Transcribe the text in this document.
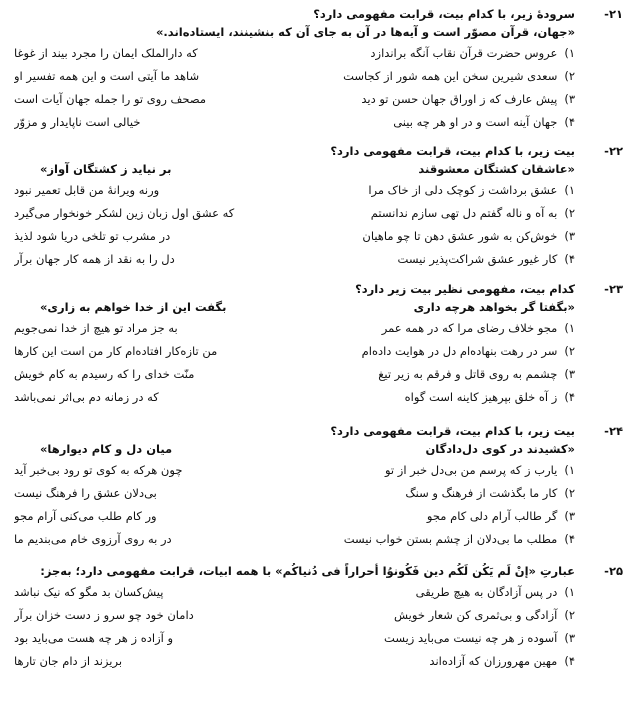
۲۱-
سرودهٔ زیر، با کدام بیت، قرابت مفهومی دارد؟
«جهان، قرآن مصوّر است و آیه‌ها در آن به جای آن که بنشینند، ایستاده‌اند.»
۱) عروس حضرت قرآن نقاب آنگه براندازد
که دارالملک ایمان را مجرد بیند از غوغا
۲) سعدی شیرین سخن این همه شور از کجاست
شاهد ما آیتی است و این همه تفسیر او
۳) پیش عارف که ز اوراق جهان حسن تو دید
مصحف روی تو را جمله جهان آیات است
۴) جهان آینه است و در او هر چه بینی
خیالی است ناپایدار و مزوّر
۲۲-
بیت زیر، با کدام بیت، قرابت مفهومی دارد؟
«عاشقان کشتگان معشوقند
بر نیاید ز کشتگان آواز»
۱) عشق برداشت ز کوچک دلی از خاک مرا
ورنه ویرانهٔ من قابل تعمیر نبود
۲) به آه و ناله گفتم دل تهی سازم ندانستم
که عشق اول زبان زین لشکر خونخوار می‌گیرد
۳) خوش‌کن به شور عشق دهن تا چو ماهیان
در مشرب تو تلخی دریا شود لذیذ
۴) کار غیور عشق شراکت‌پذیر نیست
دل را به نقد از همه کار جهان برآر
۲۳-
کدام بیت، مفهومی نظیر بیت زیر دارد؟
«بگفتا گر بخواهد هرچه داری
بگفت این از خدا خواهم به زاری»
۱) مجو خلاف رضای مرا که در همه عمر
به جز مراد تو هیچ از خدا نمی‌جویم
۲) سر در رهت بنهاده‌ام دل در هوایت داده‌ام
من تازه‌کار افتاده‌ام کار من است این کارها
۳) چشمم به روی قاتل و فرقم به زیر تیغ
منّت خدای را که رسیدم به کام خویش
۴) ز آه خلق بپرهیز کاینه است گواه
که در زمانه دم بی‌اثر نمی‌باشد
۲۴-
بیت زیر، با کدام بیت، قرابت مفهومی دارد؟
«کشیدند در کوی دل‌دادگان
میان دل و کام دیوارها»
۱) یارب ز که پرسم من بی‌دل خبر از تو
چون هرکه به کوی تو رود بی‌خبر آید
۲) کار ما بگذشت از فرهنگ و سنگ
بی‌دلان عشق را فرهنگ نیست
۳) گر طالب آرام دلی کام مجو
ور کام طلب می‌کنی آرام مجو
۴) مطلب ما بی‌دلان از چشم بستن خواب نیست
در به روی آرزوی خام می‌بندیم ما
۲۵-
عبارتِ «إنْ لَم یَکُن لَکُم دین فَکُونوُا أحراراً فی دُنیاکُم» با همه ابیات، قرابت مفهومی دارد؛ به‌جز:
۱) در پس آزادگان به هیچ طریقی
پیش‌کسان بد مگو که نیک نباشد
۲) آزادگی و بی‌ثمری کن شعار خویش
دامان خود چو سرو ز دست خزان برآر
۳) آسوده ز هر چه نیست می‌باید زیست
و آزاده ز هر چه هست می‌باید بود
۴) مهین مهرورزان که آزاده‌اند
بریزند از دام جان تارها
